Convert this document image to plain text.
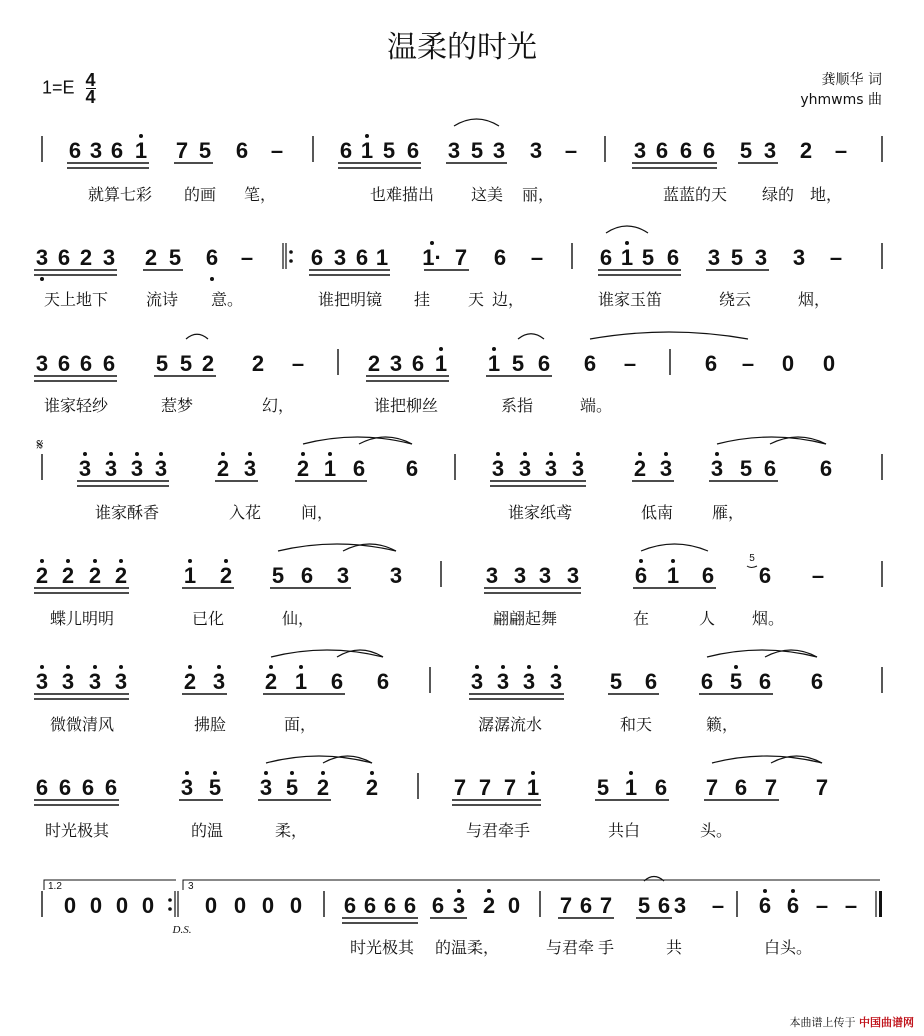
温柔的时光
$1=E \frac{4}{4}$	龚顺华 词
yhmwms 曲
6 3 6 1 7 5 6 –	6 1 5 6 3 5 3 3 –	3 6 6 6 5 3 2 –
就算七彩 的画 笔，	也难描出 这美 丽，	蓝蓝的天 绿的 地，
3 6 2 3 2 5 6 –	6 3 6 1 1· 7 6 –	6 1 5 6 3 5 3 3 –
天上地下 流诗 意。	谁把明镜 挂 天 边，	谁家玉笛	绕云	烟，
3 6 6 6 5 5 2 2 –	2 3 6 1 1 5 6 6 –	6 – 0 0
谁家轻纱	惹梦	幻，	谁把柳丝	系指	端。
3 3 3 3 2 3 2 1 6 6	3 3 3 3 2 3 3 5 6 6
谁家酥香	入花 间，	谁家纸鸢	低南 雁，
2 2 2 2	1 2 5 6 3 3	3 3 3 3	6 1 6 6 –
蝶儿明明	已化	仙，	翩翩起舞	在	人 烟。
3 3 3 3	2 3 2 1 6 6	3 3 3 3 5 6 6 5 6 6
微微清风	拂脸	面，	潺潺流水	和天	籁，
6 6 6 6	3 5 3 5 2 2	7 7 7 1	5 1 6 7 6 7 7
时光极其	的温	柔，	与君牵手	共白	头。
0 0 0 0 0 0 0 0 6 6 6 6 6 3 2 0 7 6 7 5 6 3 – 6 6 – –
时光极其 的温柔，	与君牵 手	共	白头。
𝄋
5
1.2	3
D.S.
本曲谱上传于 中国曲谱网
